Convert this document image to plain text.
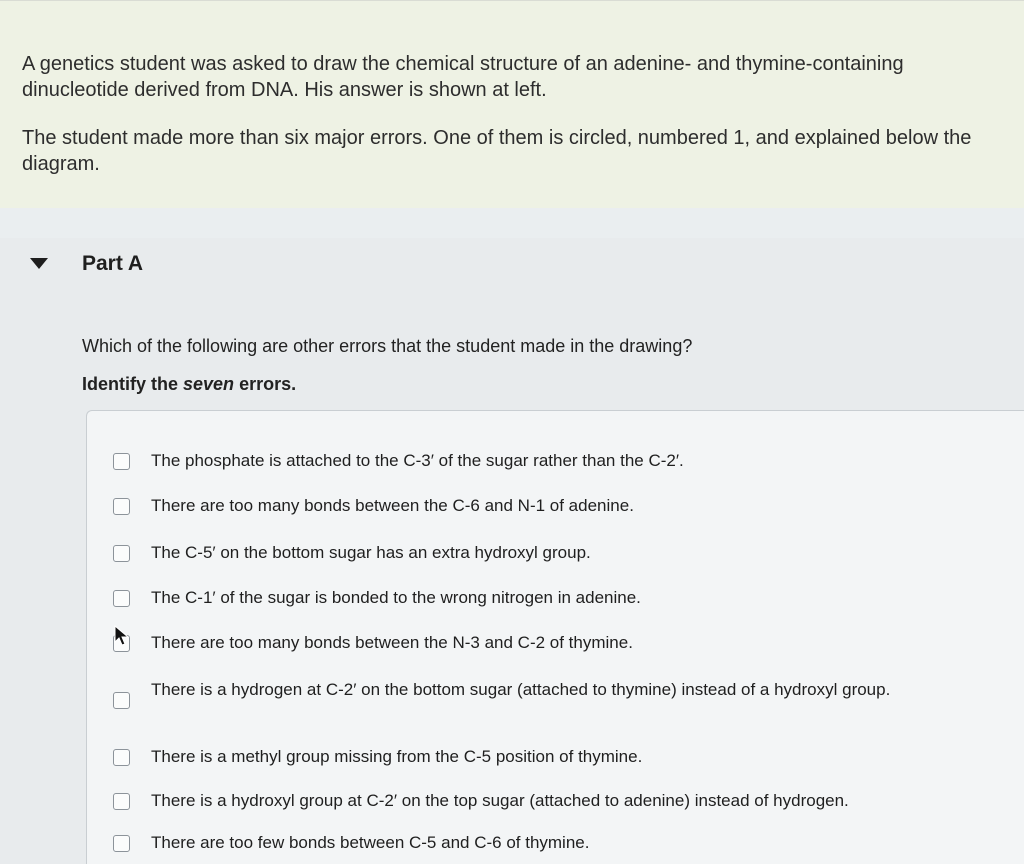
A genetics student was asked to draw the chemical structure of an adenine- and thymine-containing dinucleotide derived from DNA. His answer is shown at left.

The student made more than six major errors. One of them is circled, numbered 1, and explained below the diagram.

Part A
Which of the following are other errors that the student made in the drawing?
Identify the seven errors.
The phosphate is attached to the C-3′ of the sugar rather than the C-2′.
There are too many bonds between the C-6 and N-1 of adenine.
The C-5′ on the bottom sugar has an extra hydroxyl group.
The C-1′ of the sugar is bonded to the wrong nitrogen in adenine.
There are too many bonds between the N-3 and C-2 of thymine.
There is a hydrogen at C-2′ on the bottom sugar (attached to thymine) instead of a hydroxyl group.
There is a methyl group missing from the C-5 position of thymine.
There is a hydroxyl group at C-2′ on the top sugar (attached to adenine) instead of hydrogen.
There are too few bonds between C-5 and C-6 of thymine.
